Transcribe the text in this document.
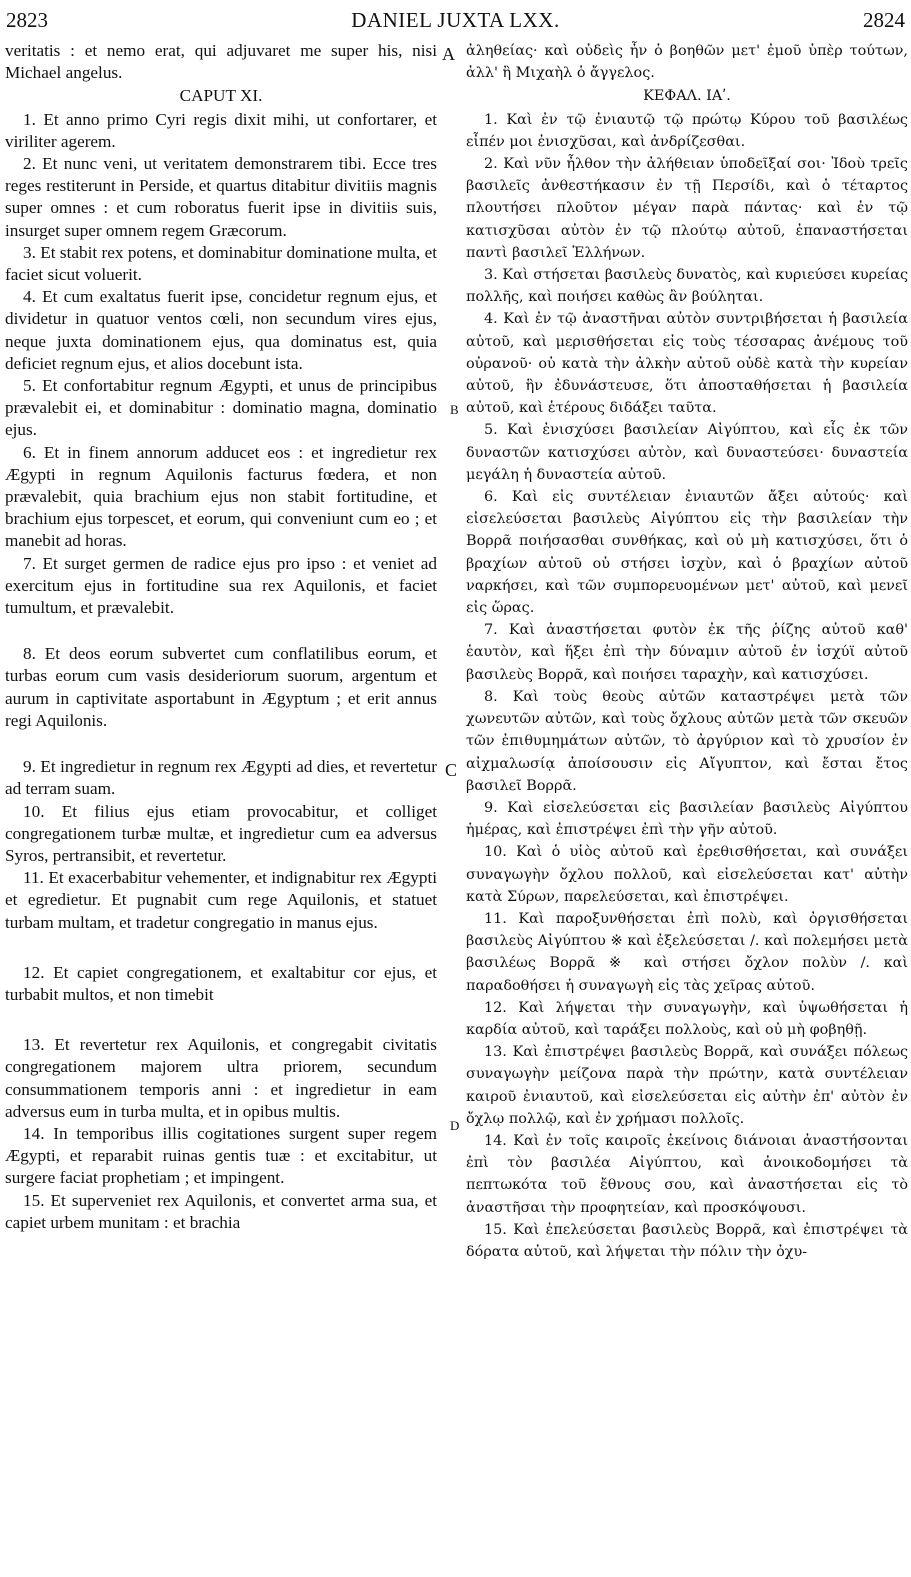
2823	DANIEL JUXTA LXX.	2824
A
B
C
D

veritatis : et nemo erat, qui adjuvaret me super his, nisi Michael angelus.

CAPUT XI.

1. Et anno primo Cyri regis dixit mihi, ut confortarer, et viriliter agerem.

2. Et nunc veni, ut veritatem demonstrarem tibi. Ecce tres reges restiterunt in Perside, et quartus ditabitur divitiis magnis super omnes : et cum roboratus fuerit ipse in divitiis suis, insurget super omnem regem Græcorum.

3. Et stabit rex potens, et dominabitur dominatione multa, et faciet sicut voluerit.

4. Et cum exaltatus fuerit ipse, concidetur regnum ejus, et dividetur in quatuor ventos cœli, non secundum vires ejus, neque juxta dominationem ejus, qua dominatus est, quia deficiet regnum ejus, et alios docebunt ista.

5. Et confortabitur regnum Ægypti, et unus de principibus prævalebit ei, et dominabitur : dominatio magna, dominatio ejus.

6. Et in finem annorum adducet eos : et ingredietur rex Ægypti in regnum Aquilonis facturus fœdera, et non prævalebit, quia brachium ejus non stabit fortitudine, et brachium ejus torpescet, et eorum, qui conveniunt cum eo ; et manebit ad horas.

7. Et surget germen de radice ejus pro ipso : et veniet ad exercitum ejus in fortitudine sua rex Aquilonis, et faciet tumultum, et prævalebit.

8. Et deos eorum subvertet cum conflatilibus eorum, et turbas eorum cum vasis desideriorum suorum, argentum et aurum in captivitate asportabunt in Ægyptum ; et erit annus regi Aquilonis.

9. Et ingredietur in regnum rex Ægypti ad dies, et revertetur ad terram suam.

10. Et filius ejus etiam provocabitur, et colliget congregationem turbæ multæ, et ingredietur cum ea adversus Syros, pertransibit, et revertetur.

11. Et exacerbabitur vehementer, et indignabitur rex Ægypti et egredietur. Et pugnabit cum rege Aquilonis, et statuet turbam multam, et tradetur congregatio in manus ejus.

12. Et capiet congregationem, et exaltabitur cor ejus, et turbabit multos, et non timebit

13. Et revertetur rex Aquilonis, et congregabit civitatis congregationem majorem ultra priorem, secundum consummationem temporis anni : et ingredietur in eam adversus eum in turba multa, et in opibus multis.

14. In temporibus illis cogitationes surgent super regem Ægypti, et reparabit ruinas gentis tuæ : et excitabitur, ut surgere faciat prophetiam ; et impingent.

15. Et superveniet rex Aquilonis, et convertet arma sua, et capiet urbem munitam : et brachia

ἀληθείας· καὶ οὐδεὶς ἦν ὁ βοηθῶν μετ' ἐμοῦ ὑπὲρ τούτων, ἀλλ' ἢ Μιχαὴλ ὁ ἄγγελος.

ΚΕΦΑΛ. ΙΑʹ.

1. Καὶ ἐν τῷ ἐνιαυτῷ τῷ πρώτῳ Κύρου τοῦ βασιλέως εἶπέν μοι ἐνισχῦσαι, καὶ ἀνδρίζεσθαι.

2. Καὶ νῦν ἦλθον τὴν ἀλήθειαν ὑποδεῖξαί σοι· Ἰδοὺ τρεῖς βασιλεῖς ἀνθεστήκασιν ἐν τῇ Περσίδι, καὶ ὁ τέταρτος πλουτήσει πλοῦτον μέγαν παρὰ πάντας· καὶ ἐν τῷ κατισχῦσαι αὐτὸν ἐν τῷ πλούτῳ αὐτοῦ, ἐπαναστήσεται παντὶ βασιλεῖ Ἑλλήνων.

3. Καὶ στήσεται βασιλεὺς δυνατὸς, καὶ κυριεύσει κυρείας πολλῆς, καὶ ποιήσει καθὼς ἂν βούληται.

4. Καὶ ἐν τῷ ἀναστῆναι αὐτὸν συντριβήσεται ἡ βασιλεία αὐτοῦ, καὶ μερισθήσεται εἰς τοὺς τέσσαρας ἀνέμους τοῦ οὐρανοῦ· οὐ κατὰ τὴν ἀλκὴν αὐτοῦ οὐδὲ κατὰ τὴν κυρείαν αὐτοῦ, ἣν ἐδυνάστευσε, ὅτι ἀποσταθήσεται ἡ βασιλεία αὐτοῦ, καὶ ἑτέρους διδάξει ταῦτα.

5. Καὶ ἐνισχύσει βασιλείαν Αἰγύπτου, καὶ εἷς ἐκ τῶν δυναστῶν κατισχύσει αὐτὸν, καὶ δυναστεύσει· δυναστεία μεγάλη ἡ δυναστεία αὐτοῦ.

6. Καὶ εἰς συντέλειαν ἐνιαυτῶν ἄξει αὐτούς· καὶ εἰσελεύσεται βασιλεὺς Αἰγύπτου εἰς τὴν βασιλείαν τὴν Βορρᾶ ποιήσασθαι συνθήκας, καὶ οὐ μὴ κατισχύσει, ὅτι ὁ βραχίων αὐτοῦ οὐ στήσει ἰσχὺν, καὶ ὁ βραχίων αὐτοῦ ναρκήσει, καὶ τῶν συμπορευομένων μετ' αὐτοῦ, καὶ μενεῖ εἰς ὥρας.

7. Καὶ ἀναστήσεται φυτὸν ἐκ τῆς ῥίζης αὐτοῦ καθ' ἑαυτὸν, καὶ ἥξει ἐπὶ τὴν δύναμιν αὐτοῦ ἐν ἰσχύϊ αὐτοῦ βασιλεὺς Βορρᾶ, καὶ ποιήσει ταραχὴν, καὶ κατισχύσει.

8. Καὶ τοὺς θεοὺς αὐτῶν καταστρέψει μετὰ τῶν χωνευτῶν αὐτῶν, καὶ τοὺς ὄχλους αὐτῶν μετὰ τῶν σκευῶν τῶν ἐπιθυμημάτων αὐτῶν, τὸ ἀργύριον καὶ τὸ χρυσίον ἐν αἰχμαλωσίᾳ ἀποίσουσιν εἰς Αἴγυπτον, καὶ ἔσται ἔτος βασιλεῖ Βορρᾶ.

9. Καὶ εἰσελεύσεται εἰς βασιλείαν βασιλεὺς Αἰγύπτου ἡμέρας, καὶ ἐπιστρέψει ἐπὶ τὴν γῆν αὐτοῦ.

10. Καὶ ὁ υἱὸς αὐτοῦ καὶ ἐρεθισθήσεται, καὶ συνάξει συναγωγὴν ὄχλου πολλοῦ, καὶ εἰσελεύσεται κατ' αὐτὴν κατὰ Σύρων, παρελεύσεται, καὶ ἐπιστρέψει.

11. Καὶ παροξυνθήσεται ἐπὶ πολὺ, καὶ ὀργισθήσεται βασιλεὺς Αἰγύπτου ※ καὶ ἐξελεύσεται /. καὶ πολεμήσει μετὰ βασιλέως Βορρᾶ ※ καὶ στήσει ὄχλον πολὺν /. καὶ παραδοθήσει ἡ συναγωγὴ εἰς τὰς χεῖρας αὐτοῦ.

12. Καὶ λήψεται τὴν συναγωγὴν, καὶ ὑψωθήσεται ἡ καρδία αὐτοῦ, καὶ ταράξει πολλοὺς, καὶ οὐ μὴ φοβηθῇ.

13. Καὶ ἐπιστρέψει βασιλεὺς Βορρᾶ, καὶ συνάξει πόλεως συναγωγὴν μείζονα παρὰ τὴν πρώτην, κατὰ συντέλειαν καιροῦ ἐνιαυτοῦ, καὶ εἰσελεύσεται εἰς αὐτὴν ἐπ' αὐτὸν ἐν ὄχλῳ πολλῷ, καὶ ἐν χρήμασι πολλοῖς.

14. Καὶ ἐν τοῖς καιροῖς ἐκείνοις διάνοιαι ἀναστήσονται ἐπὶ τὸν βασιλέα Αἰγύπτου, καὶ ἀνοικοδομήσει τὰ πεπτωκότα τοῦ ἔθνους σου, καὶ ἀναστήσεται εἰς τὸ ἀναστῆσαι τὴν προφητείαν, καὶ προσκόψουσι.

15. Καὶ ἐπελεύσεται βασιλεὺς Βορρᾶ, καὶ ἐπιστρέψει τὰ δόρατα αὐτοῦ, καὶ λήψεται τὴν πόλιν τὴν ὀχυ-
